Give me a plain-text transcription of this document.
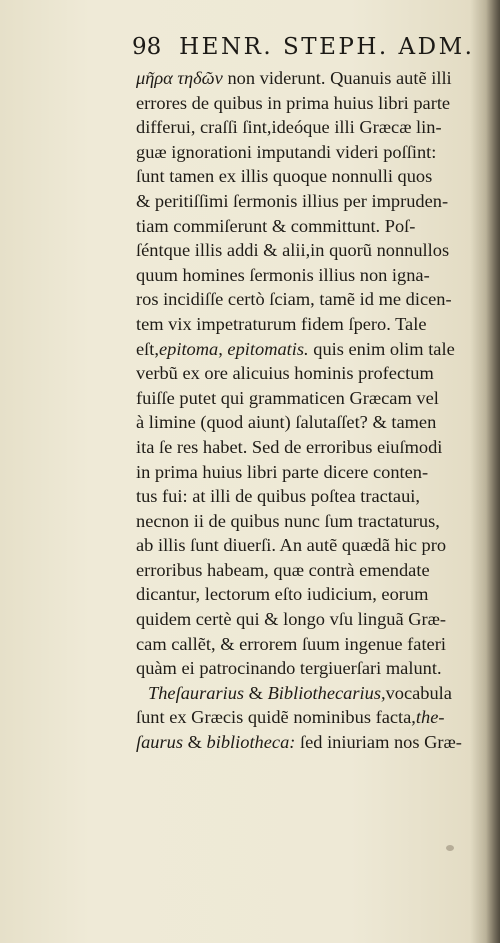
98 HENR. STEPH. ADM.
μῆρα τηδῶν non viderunt. Quanuis autẽ illi
errores de quibus in prima huius libri parte
differui, craſſi ſint,ideóque illi Græcæ lin-
guæ ignorationi imputandi videri poſſint:
ſunt tamen ex illis quoque nonnulli quos
& peritiſſimi ſermonis illius per impruden-
tiam commiſerunt & committunt. Poſ-
ſéntque illis addi & alii,in quorũ nonnullos
quum homines ſermonis illius non igna-
ros incidiſſe certò ſciam, tamẽ id me dicen-
tem vix impetraturum fidem ſpero. Tale
eſt,epitoma, epitomatis. quis enim olim tale
verbũ ex ore alicuius hominis profectum
fuiſſe putet qui grammaticen Græcam vel
à limine (quod aiunt) ſalutaſſet? & tamen
ita ſe res habet. Sed de erroribus eiuſmodi
in prima huius libri parte dicere conten-
tus fui: at illi de quibus poſtea tractaui,
necnon ii de quibus nunc ſum tractaturus,
ab illis ſunt diuerſi. An autẽ quædã hic pro
erroribus habeam, quæ contrà emendate
dicantur, lectorum eſto iudicium, eorum
quidem certè qui & longo vſu linguã Græ-
cam callẽt, & errorem ſuum ingenue fateri
quàm ei patrocinando tergiuerſari malunt.
Theſaurarius & Bibliothecarius,vocabula
ſunt ex Græcis quidẽ nominibus facta,the-
ſaurus & bibliotheca: ſed iniuriam nos Græ-
